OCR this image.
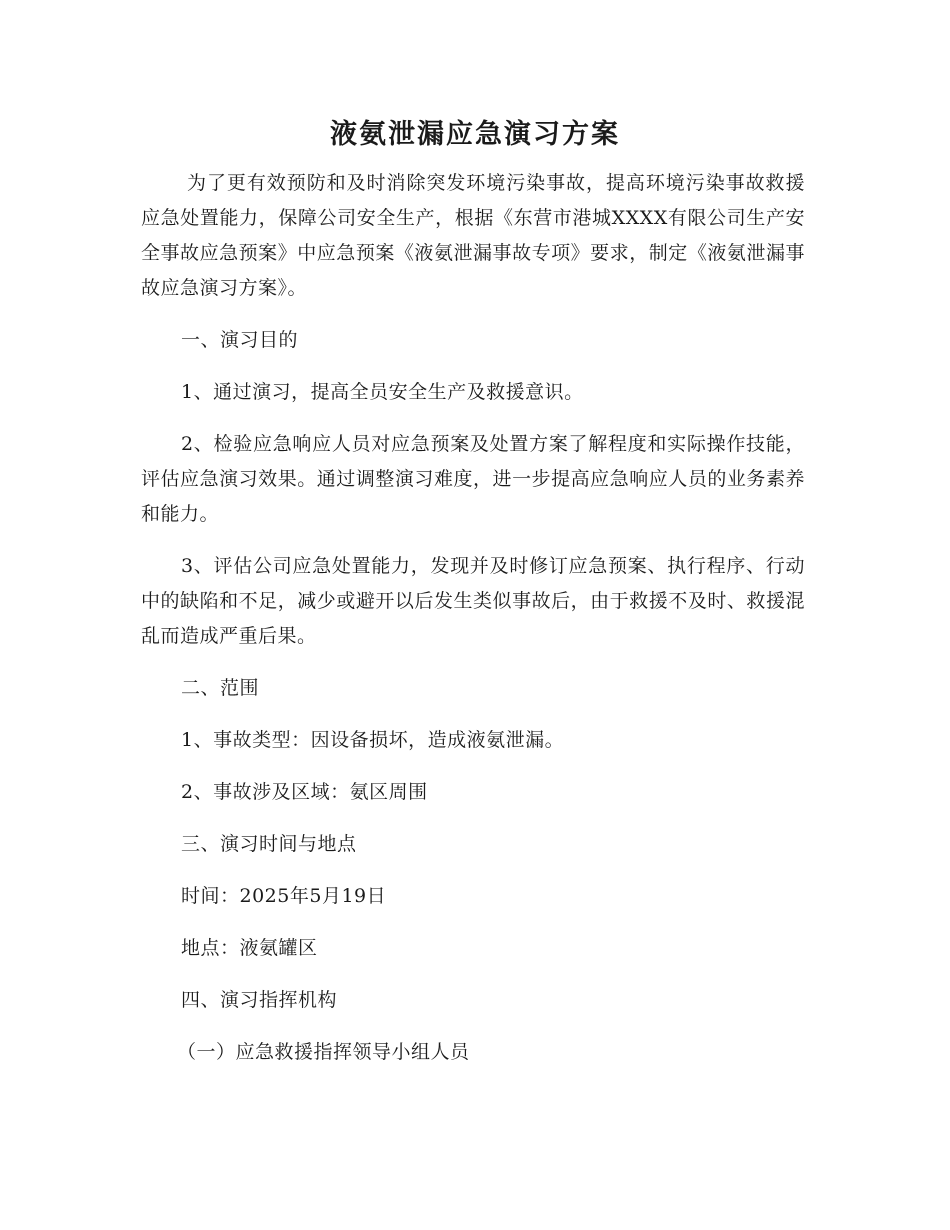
液氨泄漏应急演习方案

为了更有效预防和及时消除突发环境污染事故，提高环境污染事故救援应急处置能力，保障公司安全生产，根据《东营市港城XXXX有限公司生产安全事故应急预案》中应急预案《液氨泄漏事故专项》要求，制定《液氨泄漏事故应急演习方案》。

一、演习目的

1、通过演习，提高全员安全生产及救援意识。

2、检验应急响应人员对应急预案及处置方案了解程度和实际操作技能，评估应急演习效果。通过调整演习难度，进一步提高应急响应人员的业务素养和能力。

3、评估公司应急处置能力，发现并及时修订应急预案、执行程序、行动中的缺陷和不足，减少或避开以后发生类似事故后，由于救援不及时、救援混乱而造成严重后果。

二、范围

1、事故类型：因设备损坏，造成液氨泄漏。

2、事故涉及区域：氨区周围

三、演习时间与地点

时间：2025年5月19日

地点：液氨罐区

四、演习指挥机构

（一）应急救援指挥领导小组人员
